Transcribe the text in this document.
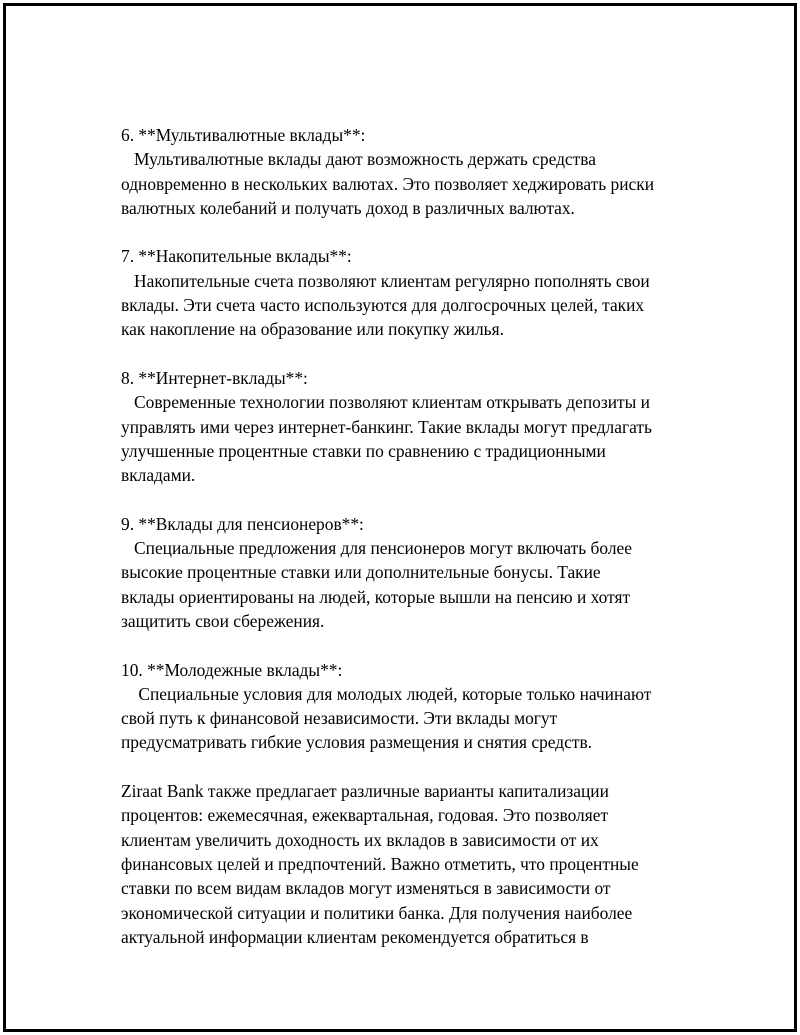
6. **Мультивалютные вклады**:
Мультивалютные вклады дают возможность держать средства
одновременно в нескольких валютах. Это позволяет хеджировать риски
валютных колебаний и получать доход в различных валютах.
7. **Накопительные вклады**:
Накопительные счета позволяют клиентам регулярно пополнять свои
вклады. Эти счета часто используются для долгосрочных целей, таких
как накопление на образование или покупку жилья.
8. **Интернет-вклады**:
Современные технологии позволяют клиентам открывать депозиты и
управлять ими через интернет-банкинг. Такие вклады могут предлагать
улучшенные процентные ставки по сравнению с традиционными
вкладами.
9. **Вклады для пенсионеров**:
Специальные предложения для пенсионеров могут включать более
высокие процентные ставки или дополнительные бонусы. Такие
вклады ориентированы на людей, которые вышли на пенсию и хотят
защитить свои сбережения.
10. **Молодежные вклады**:
Специальные условия для молодых людей, которые только начинают
свой путь к финансовой независимости. Эти вклады могут
предусматривать гибкие условия размещения и снятия средств.
Ziraat Bank также предлагает различные варианты капитализации
процентов: ежемесячная, ежеквартальная, годовая. Это позволяет
клиентам увеличить доходность их вкладов в зависимости от их
финансовых целей и предпочтений. Важно отметить, что процентные
ставки по всем видам вкладов могут изменяться в зависимости от
экономической ситуации и политики банка. Для получения наиболее
актуальной информации клиентам рекомендуется обратиться в
